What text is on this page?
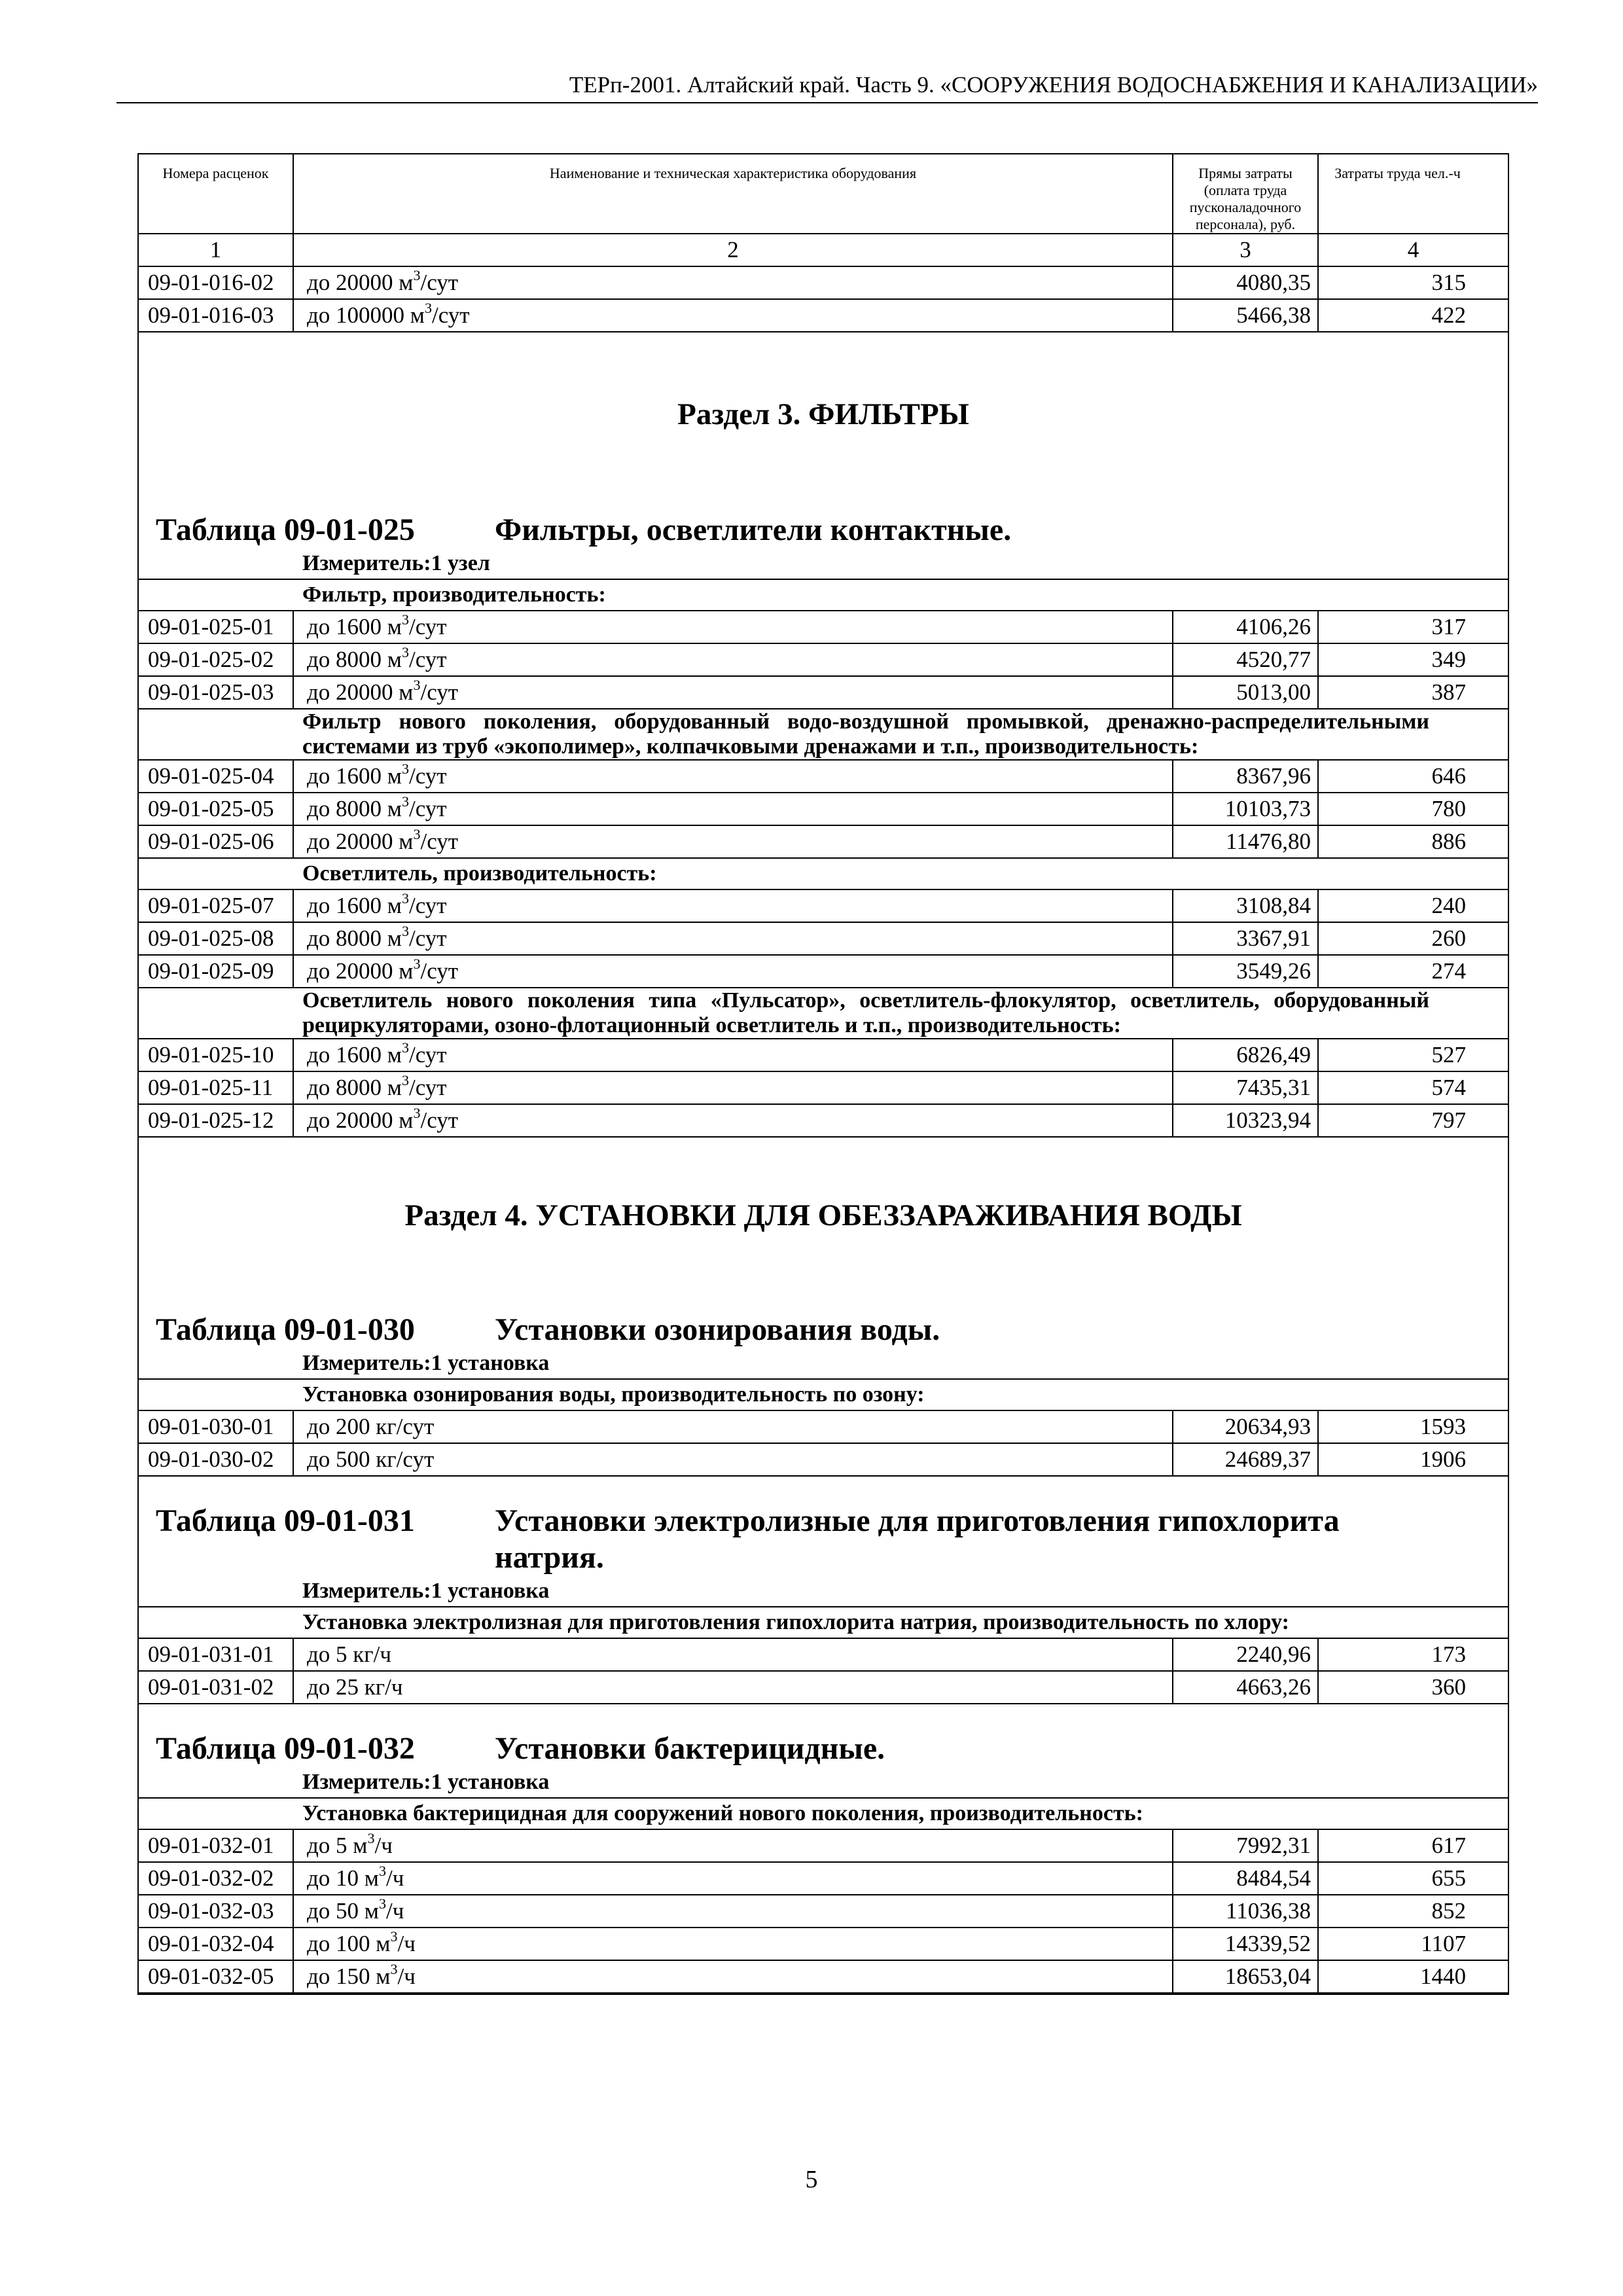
ТЕРп-2001. Алтайский край. Часть 9. «СООРУЖЕНИЯ ВОДОСНАБЖЕНИЯ И КАНАЛИЗАЦИИ»
Номера расценок	Наименование и техническая характеристика оборудования	Прямы затраты (оплата труда пусконаладочного персонала), руб.	Затраты труда чел.-ч
1	2	3	4
09-01-016-02	до 20000 $м^3$/сут	4080,35	315
09-01-016-03	до 100000 $м^3$/сут	5466,38	422
Раздел 3. ФИЛЬТРЫ
Таблица 09-01-025	Фильтры, осветлители контактные.
Измеритель:1 узел
Фильтр, производительность:			
09-01-025-01	до 1600 $м^3$/сут	4106,26	317
09-01-025-02	до 8000 $м^3$/сут	4520,77	349
09-01-025-03	до 20000 $м^3$/сут	5013,00	387
Фильтр нового поколения, оборудованный водо-воздушной промывкой, дренажно-распределительными системами из труб «экополимер», колпачковыми дренажами и т.п., производительность:			
09-01-025-04	до 1600 $м^3$/сут	8367,96	646
09-01-025-05	до 8000 $м^3$/сут	10103,73	780
09-01-025-06	до 20000 $м^3$/сут	11476,80	886
Осветлитель, производительность:			
09-01-025-07	до 1600 $м^3$/сут	3108,84	240
09-01-025-08	до 8000 $м^3$/сут	3367,91	260
09-01-025-09	до 20000 $м^3$/сут	3549,26	274
Осветлитель нового поколения типа «Пульсатор», осветлитель-флокулятор, осветлитель, оборудованный рециркуляторами, озоно-флотационный осветлитель и т.п., производительность:			
09-01-025-10	до 1600 $м^3$/сут	6826,49	527
09-01-025-11	до 8000 $м^3$/сут	7435,31	574
09-01-025-12	до 20000 $м^3$/сут	10323,94	797
Раздел 4. УСТАНОВКИ ДЛЯ ОБЕЗЗАРАЖИВАНИЯ ВОДЫ
Таблица 09-01-030	Установки озонирования воды.
Измеритель:1 установка
Установка озонирования воды, производительность по озону:			
09-01-030-01	до 200 кг/сут	20634,93	1593
09-01-030-02	до 500 кг/сут	24689,37	1906
Таблица 09-01-031	Установки электролизные для приготовления гипохлорита натрия.
Измеритель:1 установка
Установка электролизная для приготовления гипохлорита натрия, производительность по хлору:			
09-01-031-01	до 5 кг/ч	2240,96	173
09-01-031-02	до 25 кг/ч	4663,26	360
Таблица 09-01-032	Установки бактерицидные.
Измеритель:1 установка
Установка бактерицидная для сооружений нового поколения, производительность:			
09-01-032-01	до 5 $м^3/ч$	7992,31	617
09-01-032-02	до 10 $м^3/ч$	8484,54	655
09-01-032-03	до 50 $м^3/ч$	11036,38	852
09-01-032-04	до 100 $м^3/ч$	14339,52	1107
09-01-032-05	до 150 $м^3/ч$	18653,04	1440
5
